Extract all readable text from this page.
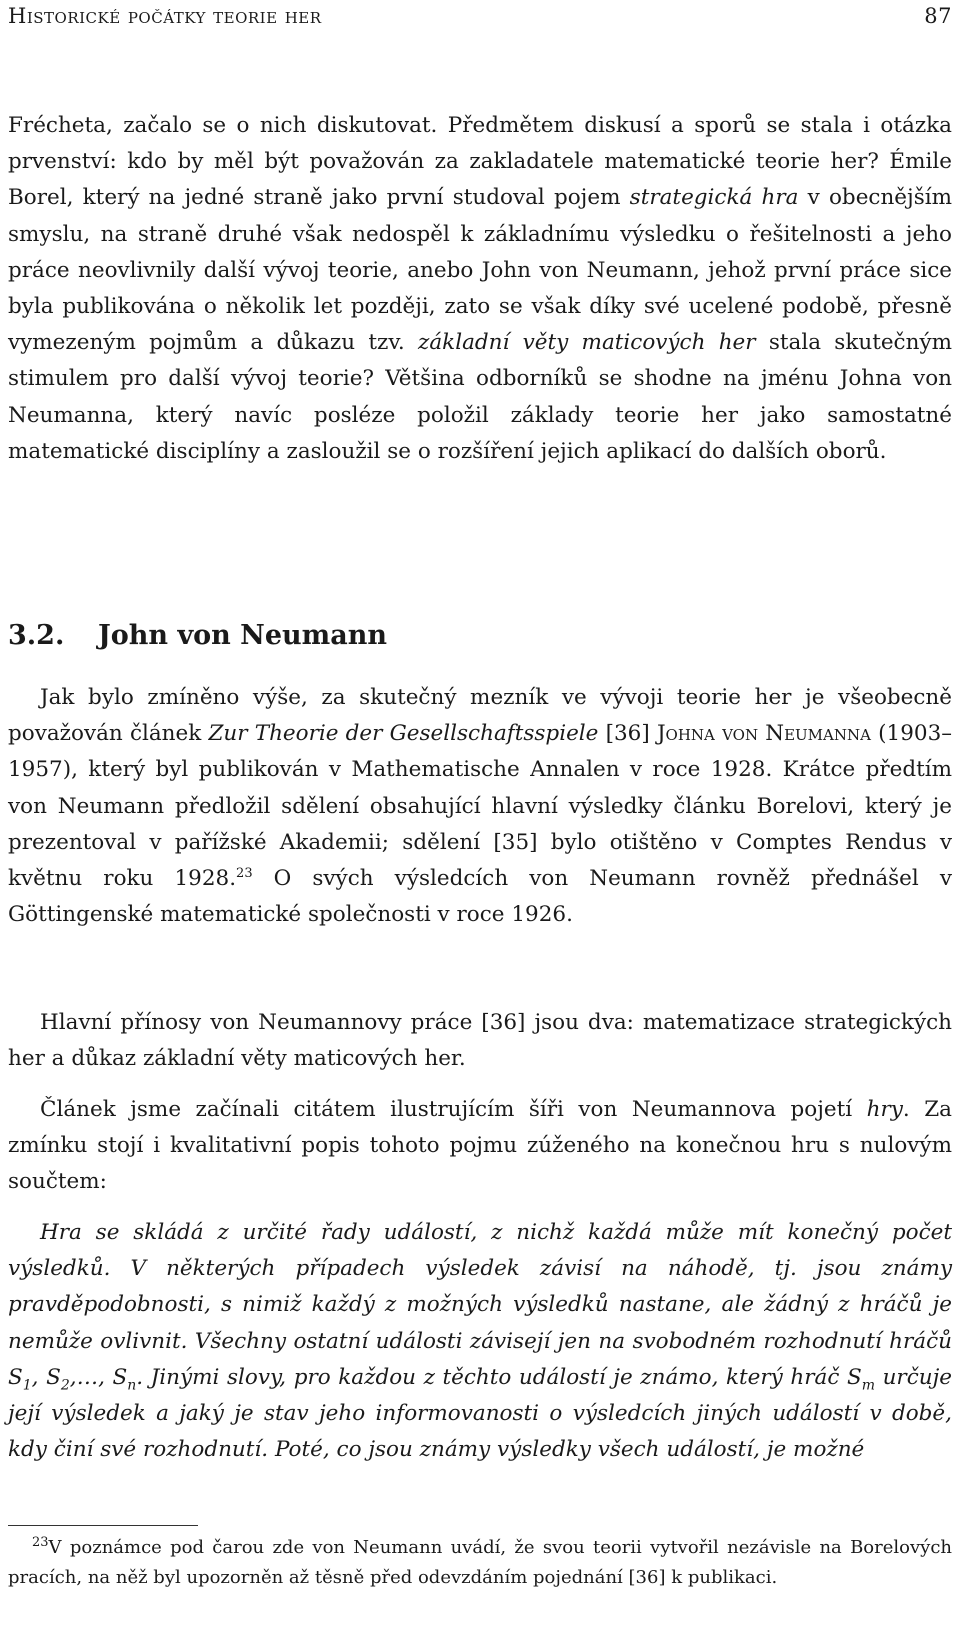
Historické počátky teorie her	87

Frécheta, začalo se o nich diskutovat. Předmětem diskusí a sporů se stala i otázka prvenství: kdo by měl být považován za zakladatele matematické teorie her? Émile Borel, který na jedné straně jako první studoval pojem strategická hra v obecnějším smyslu, na straně druhé však nedospěl k základnímu výsledku o řešitelnosti a jeho práce neovlivnily další vývoj teorie, anebo John von Neumann, jehož první práce sice byla publikována o několik let později, zato se však díky své ucelené podobě, přesně vymezeným pojmům a důkazu tzv. základní věty maticových her stala skutečným stimulem pro další vývoj teorie? Většina odborníků se shodne na jménu Johna von Neumanna, který navíc posléze položil základy teorie her jako samostatné matematické disciplíny a zasloužil se o rozšíření jejich aplikací do dalších oborů.

3.2. John von Neumann

Jak bylo zmíněno výše, za skutečný mezník ve vývoji teorie her je všeobecně považován článek Zur Theorie der Gesellschaftsspiele [36] Johna von Neumanna (1903–1957), který byl publikován v Mathematische Annalen v roce 1928. Krátce předtím von Neumann předložil sdělení obsahující hlavní výsledky článku Borelovi, který je prezentoval v pařížské Akademii; sdělení [35] bylo otištěno v Comptes Rendus v květnu roku 1928.23 O svých výsledcích von Neumann rovněž přednášel v Göttingenské matematické společnosti v roce 1926.

Hlavní přínosy von Neumannovy práce [36] jsou dva: matematizace strategických her a důkaz základní věty maticových her.

Článek jsme začínali citátem ilustrujícím šíři von Neumannova pojetí hry. Za zmínku stojí i kvalitativní popis tohoto pojmu zúženého na konečnou hru s nulovým součtem:

Hra se skládá z určité řady událostí, z nichž každá může mít konečný počet výsledků. V některých případech výsledek závisí na náhodě, tj. jsou známy pravděpodobnosti, s nimiž každý z možných výsledků nastane, ale žádný z hráčů je nemůže ovlivnit. Všechny ostatní události závisejí jen na svobodném rozhodnutí hráčů $S_1$, $S_2,\dots$, $S_n$. Jinými slovy, pro každou z těchto událostí je známo, který hráč $S_m$ určuje její výsledek a jaký je stav jeho informovanosti o výsledcích jiných událostí v době, kdy činí své rozhodnutí. Poté, co jsou známy výsledky všech událostí, je možné

$^{23}$V poznámce pod čarou zde von Neumann uvádí, že svou teorii vytvořil nezávisle na Borelových pracích, na něž byl upozorněn až těsně před odevzdáním pojednání [36] k publikaci.
